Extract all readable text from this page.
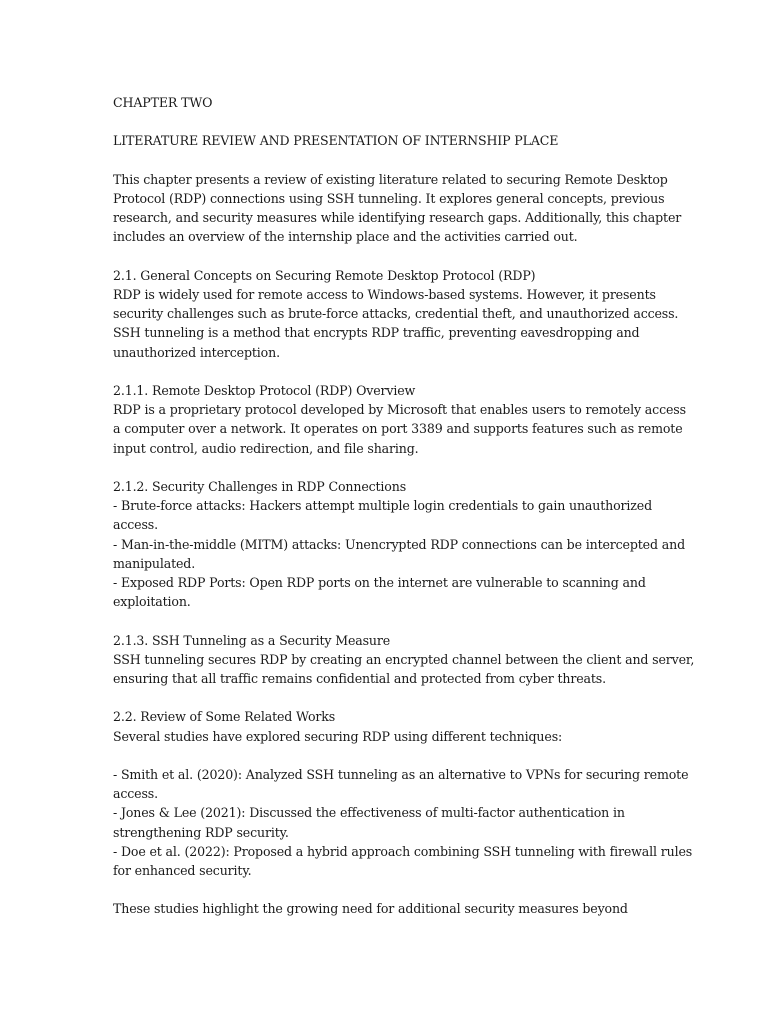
CHAPTER TWO
LITERATURE REVIEW AND PRESENTATION OF INTERNSHIP PLACE
This chapter presents a review of existing literature related to securing Remote Desktop
Protocol (RDP) connections using SSH tunneling. It explores general concepts, previous
research, and security measures while identifying research gaps. Additionally, this chapter
includes an overview of the internship place and the activities carried out.
2.1. General Concepts on Securing Remote Desktop Protocol (RDP)
RDP is widely used for remote access to Windows-based systems. However, it presents
security challenges such as brute-force attacks, credential theft, and unauthorized access.
SSH tunneling is a method that encrypts RDP traffic, preventing eavesdropping and
unauthorized interception.
2.1.1. Remote Desktop Protocol (RDP) Overview
RDP is a proprietary protocol developed by Microsoft that enables users to remotely access
a computer over a network. It operates on port 3389 and supports features such as remote
input control, audio redirection, and file sharing.
2.1.2. Security Challenges in RDP Connections
- Brute-force attacks: Hackers attempt multiple login credentials to gain unauthorized
access.
- Man-in-the-middle (MITM) attacks: Unencrypted RDP connections can be intercepted and
manipulated.
- Exposed RDP Ports: Open RDP ports on the internet are vulnerable to scanning and
exploitation.
2.1.3. SSH Tunneling as a Security Measure
SSH tunneling secures RDP by creating an encrypted channel between the client and server,
ensuring that all traffic remains confidential and protected from cyber threats.
2.2. Review of Some Related Works
Several studies have explored securing RDP using different techniques:
- Smith et al. (2020): Analyzed SSH tunneling as an alternative to VPNs for securing remote
access.
- Jones & Lee (2021): Discussed the effectiveness of multi-factor authentication in
strengthening RDP security.
- Doe et al. (2022): Proposed a hybrid approach combining SSH tunneling with firewall rules
for enhanced security.
These studies highlight the growing need for additional security measures beyond
